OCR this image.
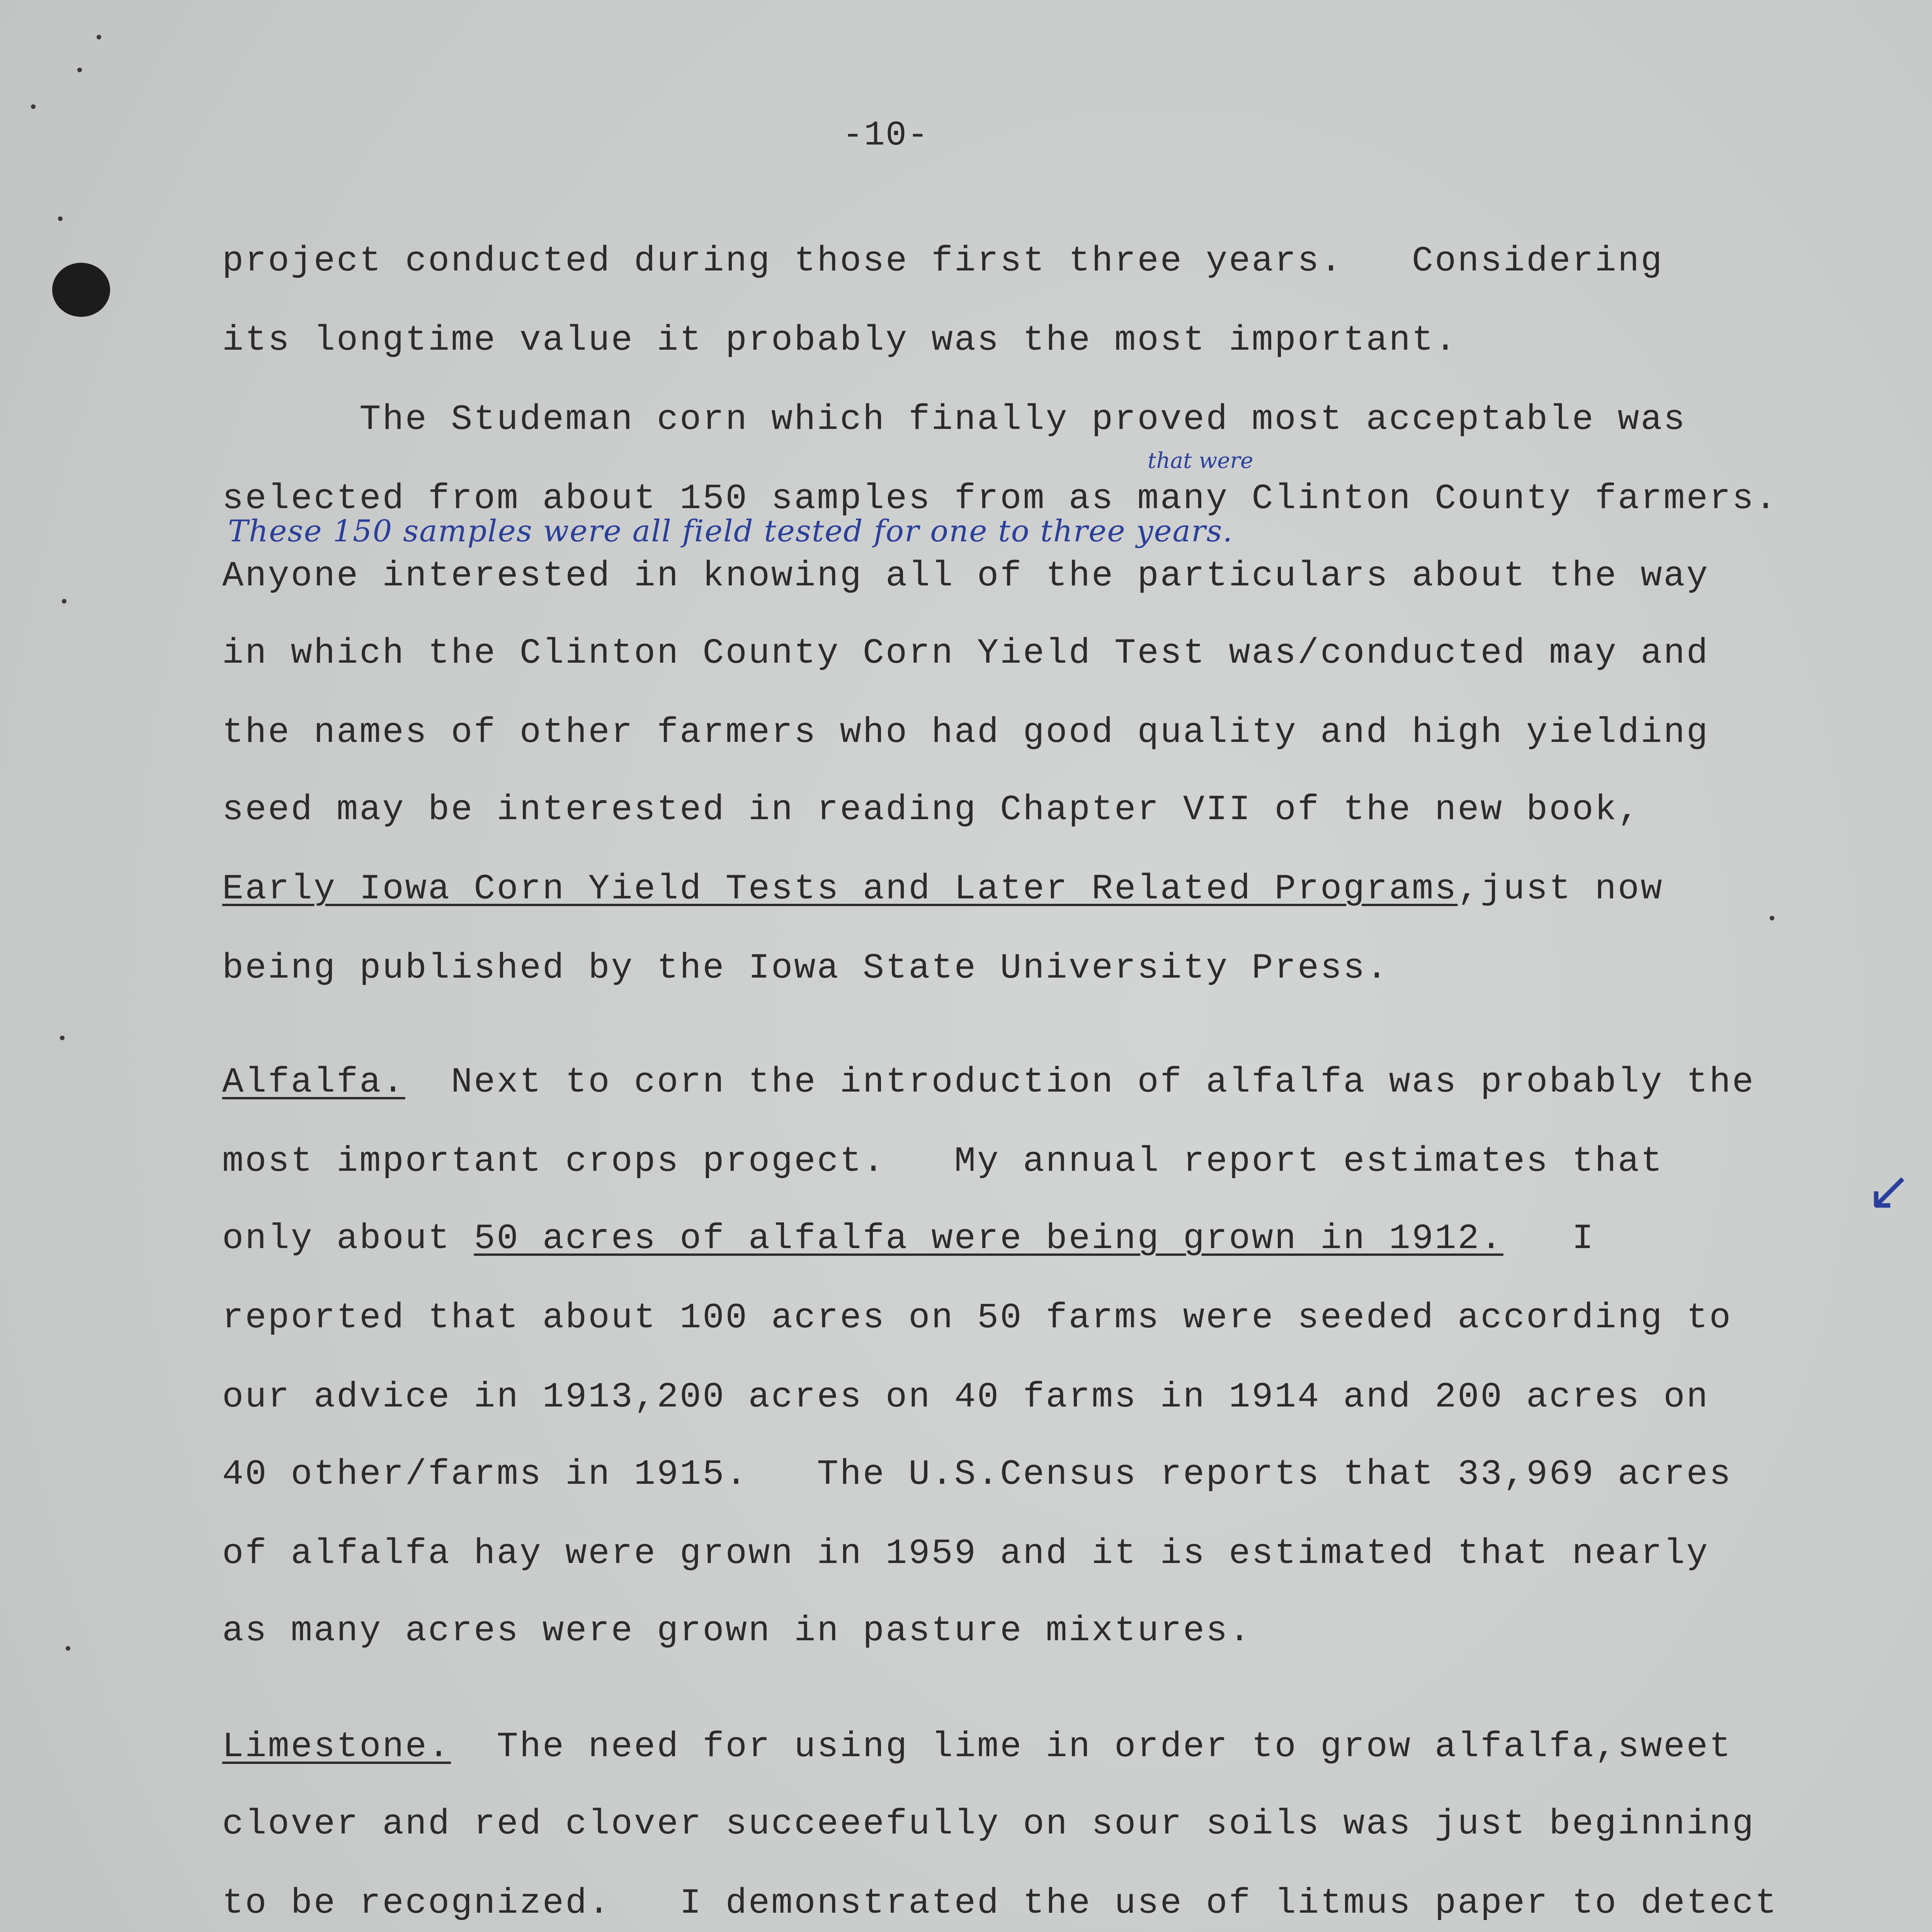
-10-
project conducted during those first three years.   Considering
its longtime value it probably was the most important.
The Studeman corn which finally proved most acceptable was
that were
selected from about 150 samples from as many Clinton County farmers.
These 150 samples were all field tested for one to three years.
Anyone interested in knowing all of the particulars about the way
in which the Clinton County Corn Yield Test was/conducted may and
the names of other farmers who had good quality and high yielding
seed may be interested in reading Chapter VII of the new book,
Early Iowa Corn Yield Tests and Later Related Programs,just now
being published by the Iowa State University Press.
Alfalfa. Next to corn the introduction of alfalfa was probably the
most important crops progect.   My annual report estimates that
only about 50 acres of alfalfa were being grown in 1912. I
↙
reported that about 100 acres on 50 farms were seeded according to
our advice in 1913,200 acres on 40 farms in 1914 and 200 acres on
40 other/farms in 1915.   The U.S.Census reports that 33,969 acres
of alfalfa hay were grown in 1959 and it is estimated that nearly
as many acres were grown in pasture mixtures.
Limestone. The need for using lime in order to grow alfalfa,sweet
clover and red clover succeeefully on sour soils was just beginning
to be recognized.   I demonstrated the use of litmus paper to detect
